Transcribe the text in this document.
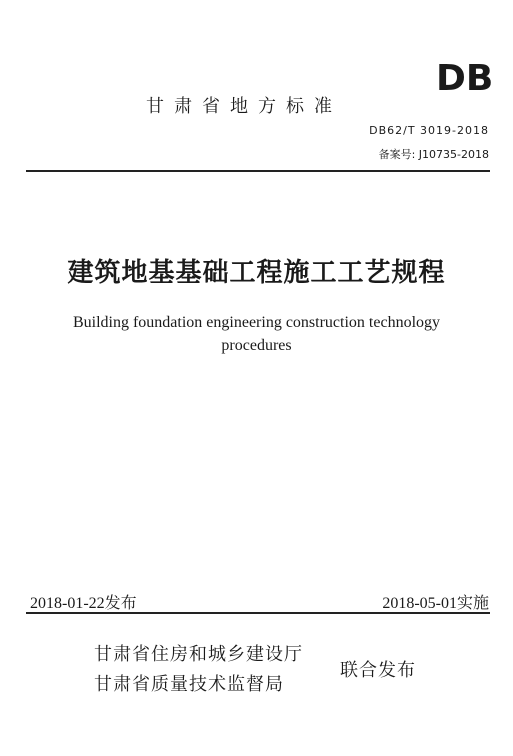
DB
甘肃省地方标准
DB62/T 3019-2018
备案号: J10735-2018
建筑地基基础工程施工工艺规程
Building foundation engineering construction technology
procedures
2018-01-22发布	2018-05-01实施
甘肃省住房和城乡建设厅
甘肃省质量技术监督局
联合发布
